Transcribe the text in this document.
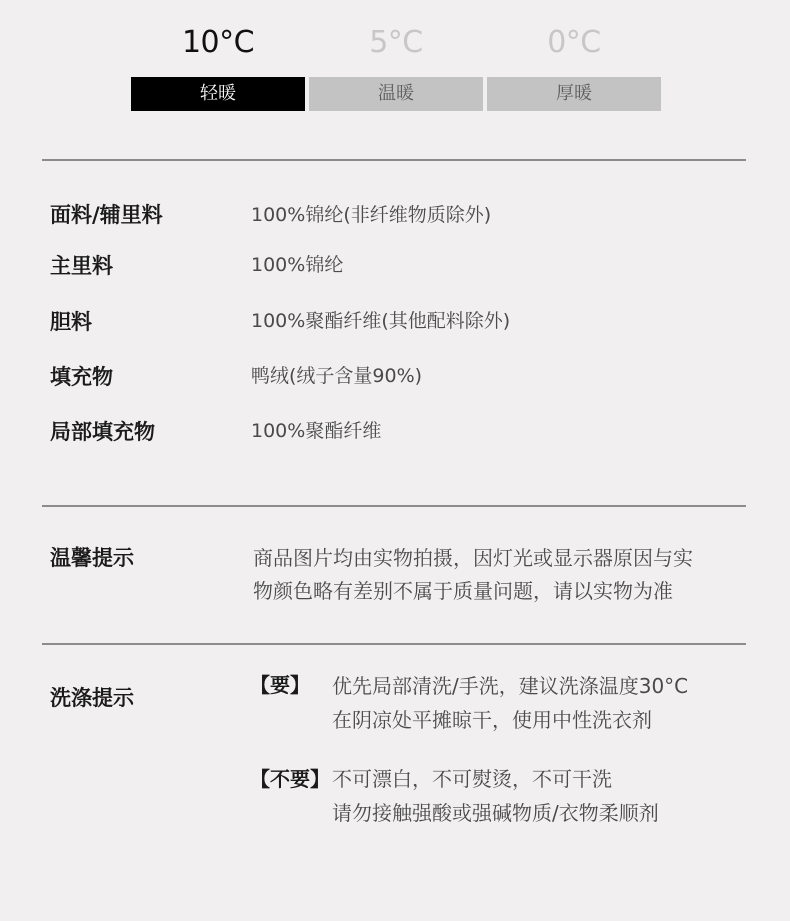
10°C	5°C	0°C
轻暖	温暖	厚暖
面料/辅里料	100%锦纶(非纤维物质除外)
主里料	100%锦纶
胆料	100%聚酯纤维(其他配料除外)
填充物	鸭绒(绒子含量90%)
局部填充物	100%聚酯纤维
温馨提示	商品图片均由实物拍摄，因灯光或显示器原因与实
物颜色略有差别不属于质量问题，请以实物为准
洗涤提示
【要】 优先局部清洗/手洗，建议洗涤温度30°C
在阴凉处平摊晾干，使用中性洗衣剂
【不要】 不可漂白，不可熨烫，不可干洗
请勿接触强酸或强碱物质/衣物柔顺剂
